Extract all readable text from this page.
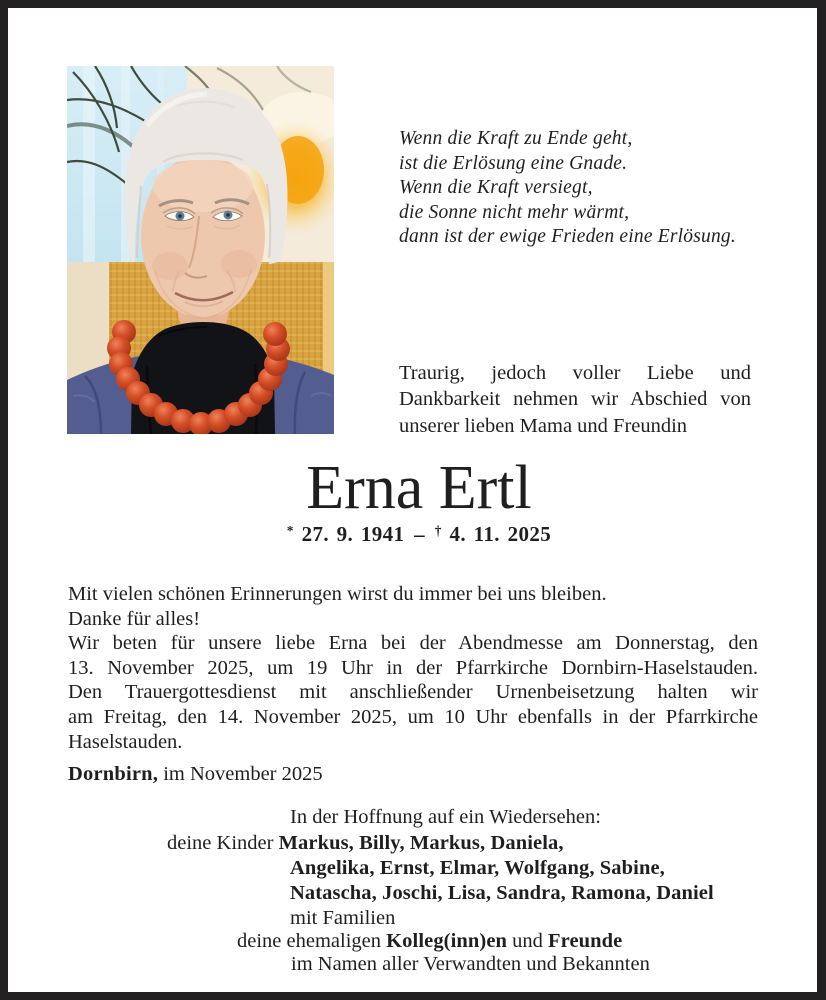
Wenn die Kraft zu Ende geht,
ist die Erlösung eine Gnade.
Wenn die Kraft versiegt,
die Sonne nicht mehr wärmt,
dann ist der ewige Frieden eine Erlösung.
Traurig, jedoch voller Liebe und Dankbarkeit nehmen wir Abschied von unserer lieben Mama und Freundin
Erna Ertl
* 27. 9. 1941 – † 4. 11. 2025
Mit vielen schönen Erinnerungen wirst du immer bei uns bleiben.
Danke für alles!
Wir beten für unsere liebe Erna bei der Abendmesse am Donnerstag, den
13. November 2025, um 19 Uhr in der Pfarrkirche Dornbirn-Haselstauden.
Den Trauergottesdienst mit anschließender Urnenbeisetzung halten wir
am Freitag, den 14. November 2025, um 10 Uhr ebenfalls in der Pfarrkirche
Haselstauden.
Dornbirn, im November 2025
In der Hoffnung auf ein Wiedersehen:
deine Kinder Markus, Billy, Markus, Daniela,
Angelika, Ernst, Elmar, Wolfgang, Sabine,
Natascha, Joschi, Lisa, Sandra, Ramona, Daniel
mit Familien
deine ehemaligen Kolleg(inn)en und Freunde
im Namen aller Verwandten und Bekannten
